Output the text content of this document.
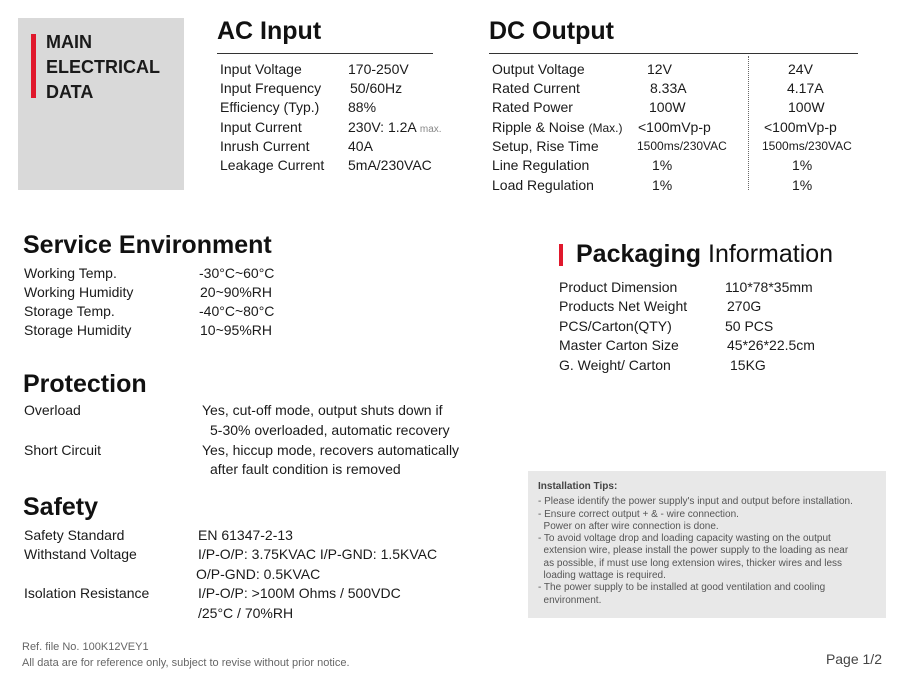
MAIN
ELECTRICAL
DATA
AC Input
Input Voltage	170-250V
Input Frequency 50/60Hz
Efficiency (Typ.) 88%
Input Current	230V: 1.2A max.
Inrush Current	40A
Leakage Current 5mA/230VAC
DC Output
Output Voltage	12V	24V
Rated Current	8.33A	4.17A
Rated Power	100W	100W
Ripple & Noise (Max.) <100mVp-p	<100mVp-p
Setup, Rise Time	1500ms/230VAC	1500ms/230VAC
Line Regulation	1%	1%
Load Regulation	1%	1%
Service Environment
Working Temp.	-30°C~60°C
Working Humidity	20~90%RH
Storage Temp.	-40°C~80°C
Storage Humidity	10~95%RH
Packaging Information
Product Dimension	110*78*35mm
Products Net Weight	270G
PCS/Carton(QTY)	50 PCS
Master Carton Size	45*26*22.5cm
G. Weight/ Carton	15KG
Protection
Overload	Yes, cut-off mode, output shuts down if
5-30% overloaded, automatic recovery
Short Circuit	Yes, hiccup mode, recovers automatically
after fault condition is removed
Safety
Safety Standard	EN 61347-2-13
Withstand Voltage	I/P-O/P: 3.75KVAC I/P-GND: 1.5KVAC
O/P-GND: 0.5KVAC
Isolation Resistance	I/P-O/P: >100M Ohms / 500VDC
/25°C / 70%RH
Installation Tips:
- Please identify the power supply's input and output before installation.
- Ensure correct output + & - wire connection.
Power on after wire connection is done.
- To avoid voltage drop and loading capacity wasting on the output
extension wire, please install the power supply to the loading as near
as possible, if must use long extension wires, thicker wires and less
loading wattage is required.
- The power supply to be installed at good ventilation and cooling
environment.
Ref. file No. 100K12VEY1
All data are for reference only, subject to revise without prior notice.	Page 1/2
